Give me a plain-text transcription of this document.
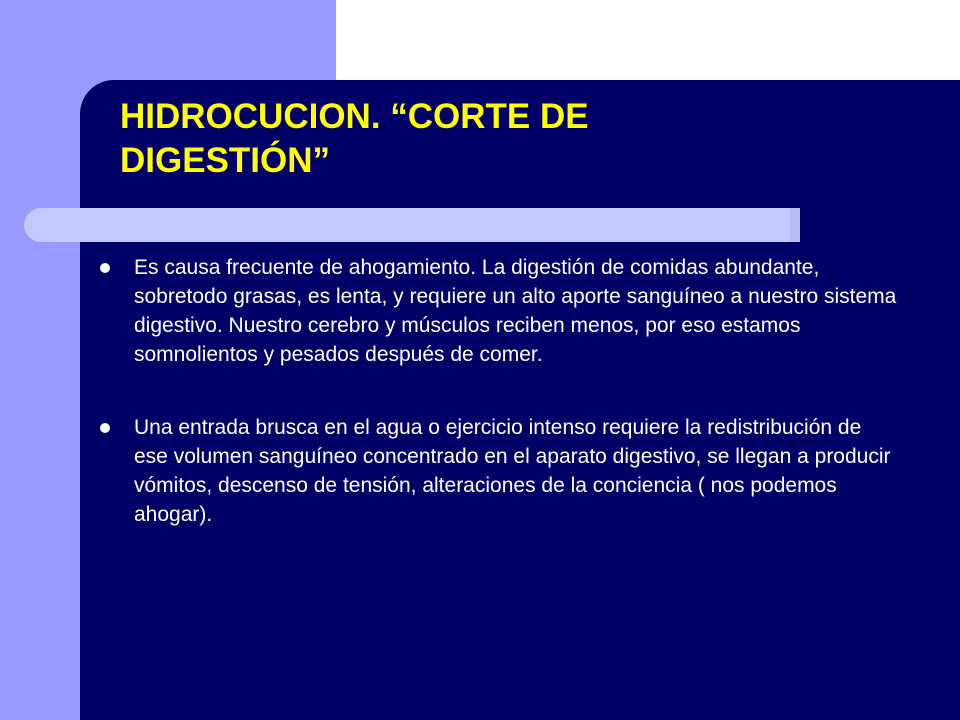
HIDROCUCION. “CORTE DE DIGESTIÓN”
Es causa frecuente de ahogamiento. La digestión de comidas abundante, sobretodo grasas, es lenta, y requiere un alto aporte sanguíneo a nuestro sistema digestivo. Nuestro cerebro y músculos reciben menos, por eso estamos somnolientos y pesados después de comer.
Una entrada brusca en el agua o ejercicio intenso requiere la redistribución de ese volumen sanguíneo concentrado en el aparato digestivo, se llegan a producir vómitos, descenso de tensión, alteraciones de la conciencia ( nos podemos ahogar).
